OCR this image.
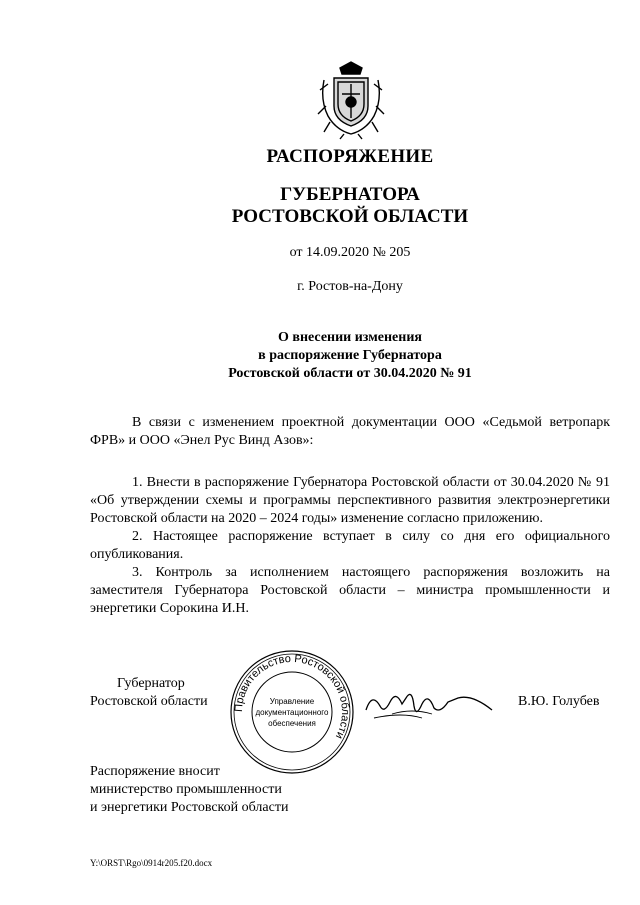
РАСПОРЯЖЕНИЕ
ГУБЕРНАТОРА
РОСТОВСКОЙ ОБЛАСТИ
от 14.09.2020 № 205
г. Ростов-на-Дону
О внесении изменения
в распоряжение Губернатора
Ростовской области от 30.04.2020 № 91

В связи с изменением проектной документации ООО «Седьмой ветропарк ФРВ» и ООО «Энел Рус Винд Азов»:

1. Внести в распоряжение Губернатора Ростовской области от 30.04.2020 № 91 «Об утверждении схемы и программы перспективного развития электроэнергетики Ростовской области на 2020 – 2024 годы» изменение согласно приложению.

2. Настоящее распоряжение вступает в силу со дня его официального опубликования.

3. Контроль за исполнением настоящего распоряжения возложить на заместителя Губернатора Ростовской области – министра промышленности и энергетики Сорокина И.Н.

Губернатор
Ростовской области Правительство Ростовской области
Управление
документационного
обеспечения
В.Ю. Голубев
Распоряжение вносит
министерство промышленности
и энергетики Ростовской области
Y:\ORST\Rgo\0914r205.f20.docx
